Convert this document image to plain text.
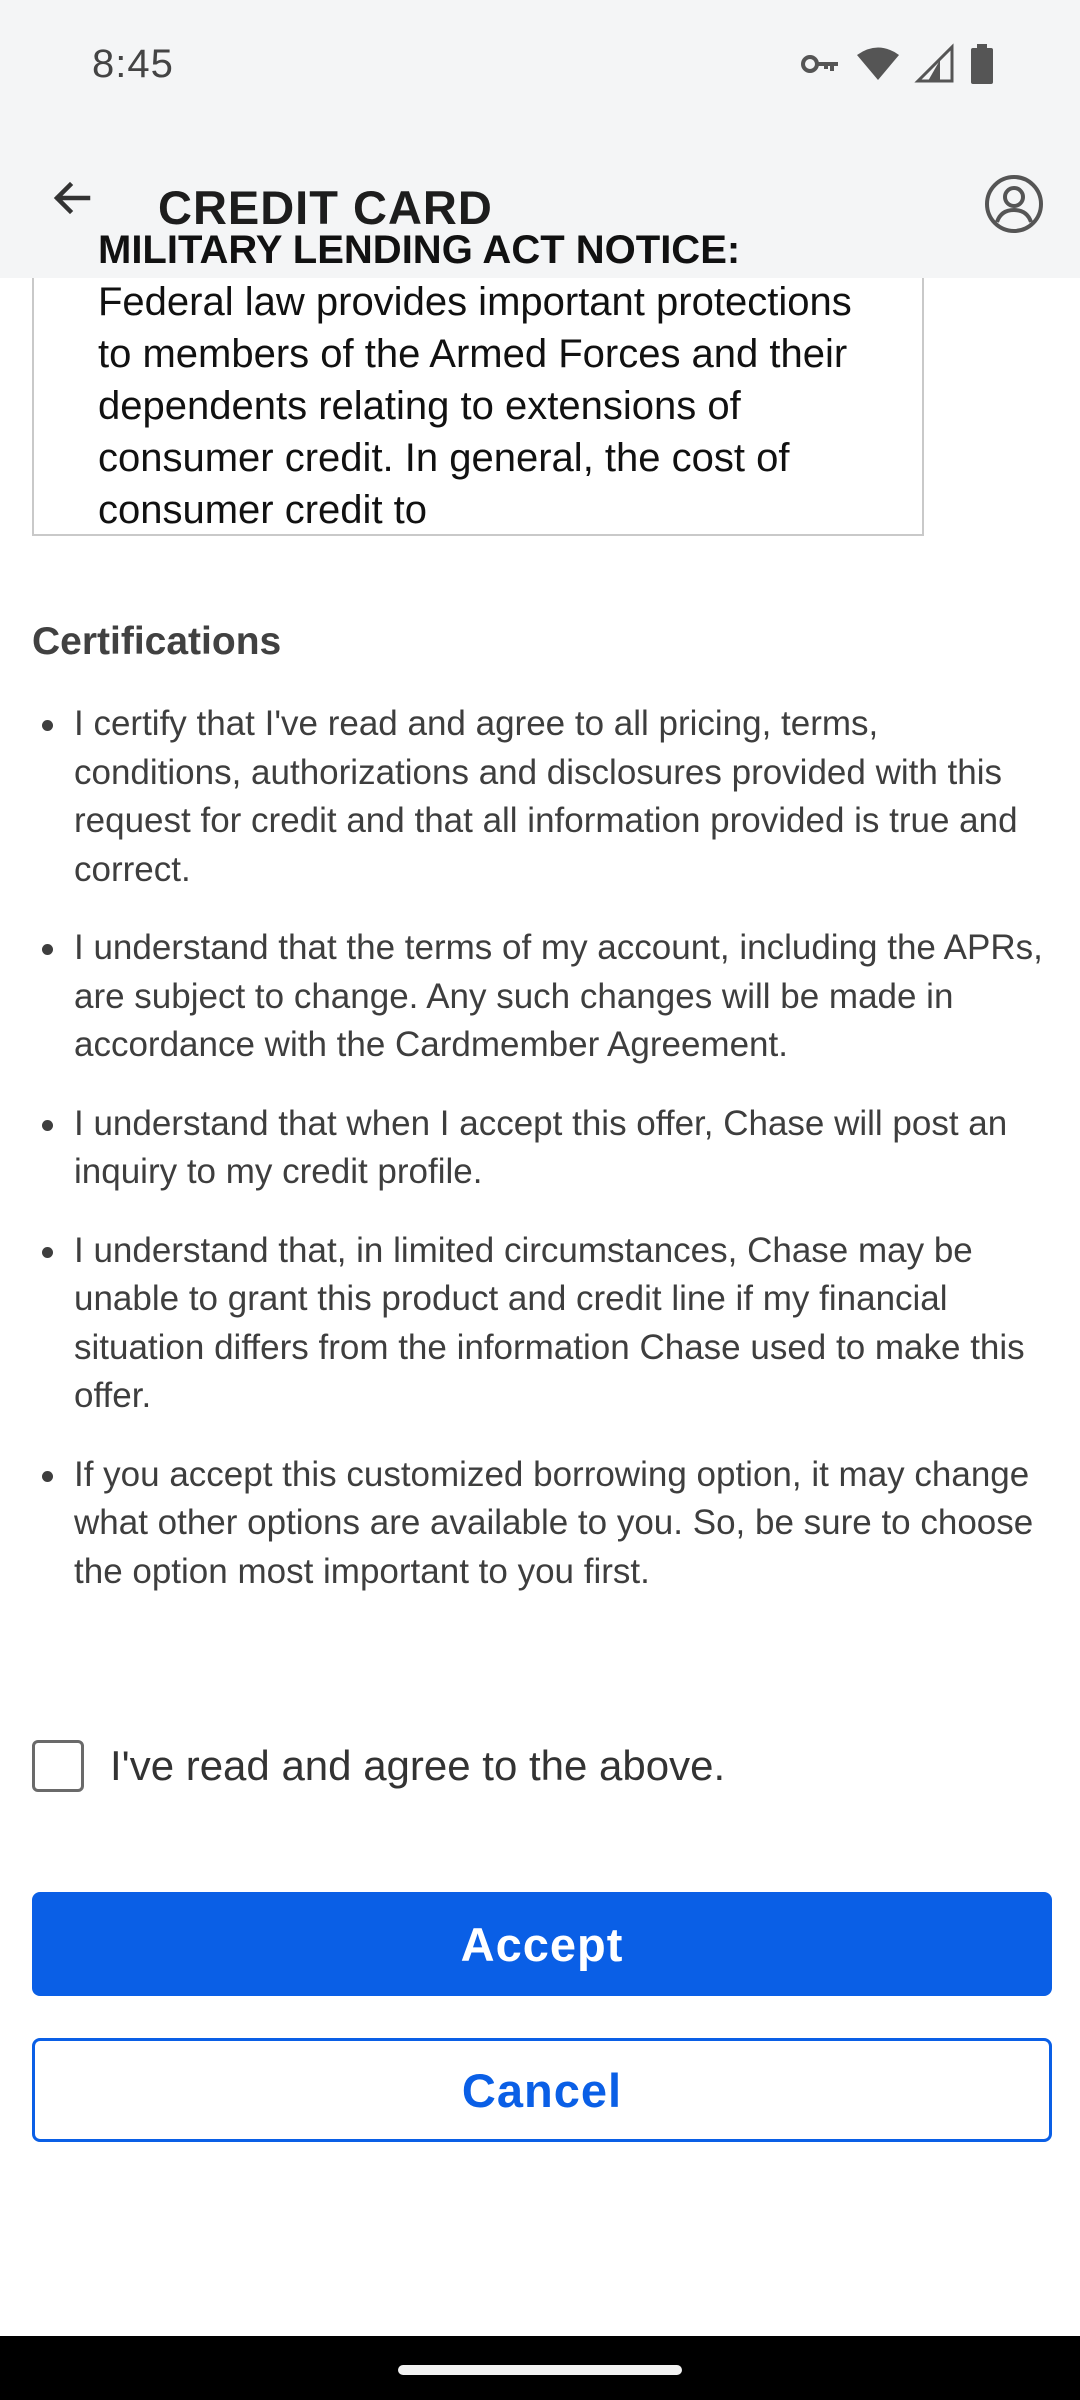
8:45
CREDIT CARD
MILITARY LENDING ACT NOTICE:
Federal law provides important protections to members of the Armed Forces and their dependents relating to extensions of consumer credit. In general, the cost of consumer credit to
Certifications
I certify that I've read and agree to all pricing, terms, conditions, authorizations and disclosures provided with this request for credit and that all information provided is true and correct.
I understand that the terms of my account, including the APRs, are subject to change. Any such changes will be made in accordance with the Cardmember Agreement.
I understand that when I accept this offer, Chase will post an inquiry to my credit profile.
I understand that, in limited circumstances, Chase may be unable to grant this product and credit line if my financial situation differs from the information Chase used to make this offer.
If you accept this customized borrowing option, it may change what other options are available to you. So, be sure to choose the option most important to you first.
I've read and agree to the above.
Accept
Cancel
